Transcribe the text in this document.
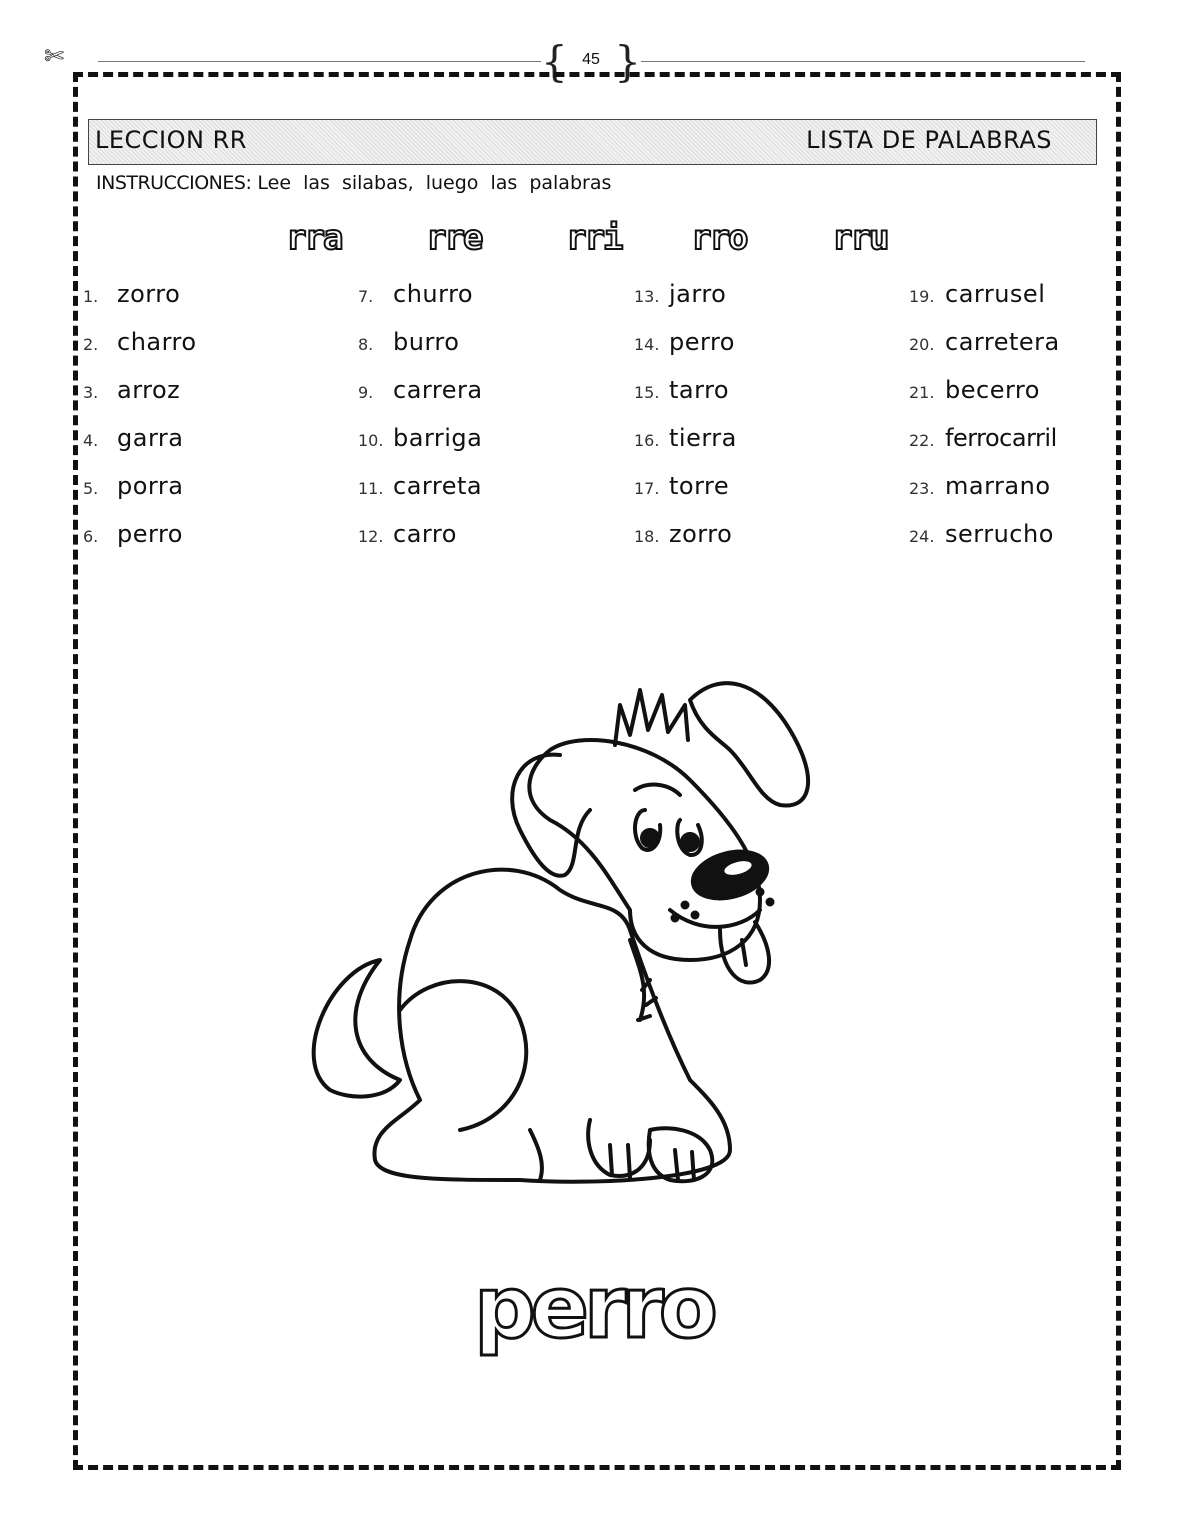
✄	{ 45 }
LECCION RR	LISTA DE PALABRAS
INSTRUCCIONES: Lee las silabas, luego las palabras
rra rre rri rro	rru
1. zorro
2. charro
3. arroz
4. garra
5. porra
6. perro
7. churro
8. burro
9. carrera
10. barriga
11. carreta
12. carro
13. jarro
14. perro
15. tarro
16. tierra
17. torre
18. zorro
19. carrusel
20. carretera
21. becerro
22. ferrocarril
23. marrano
24. serrucho
perro
